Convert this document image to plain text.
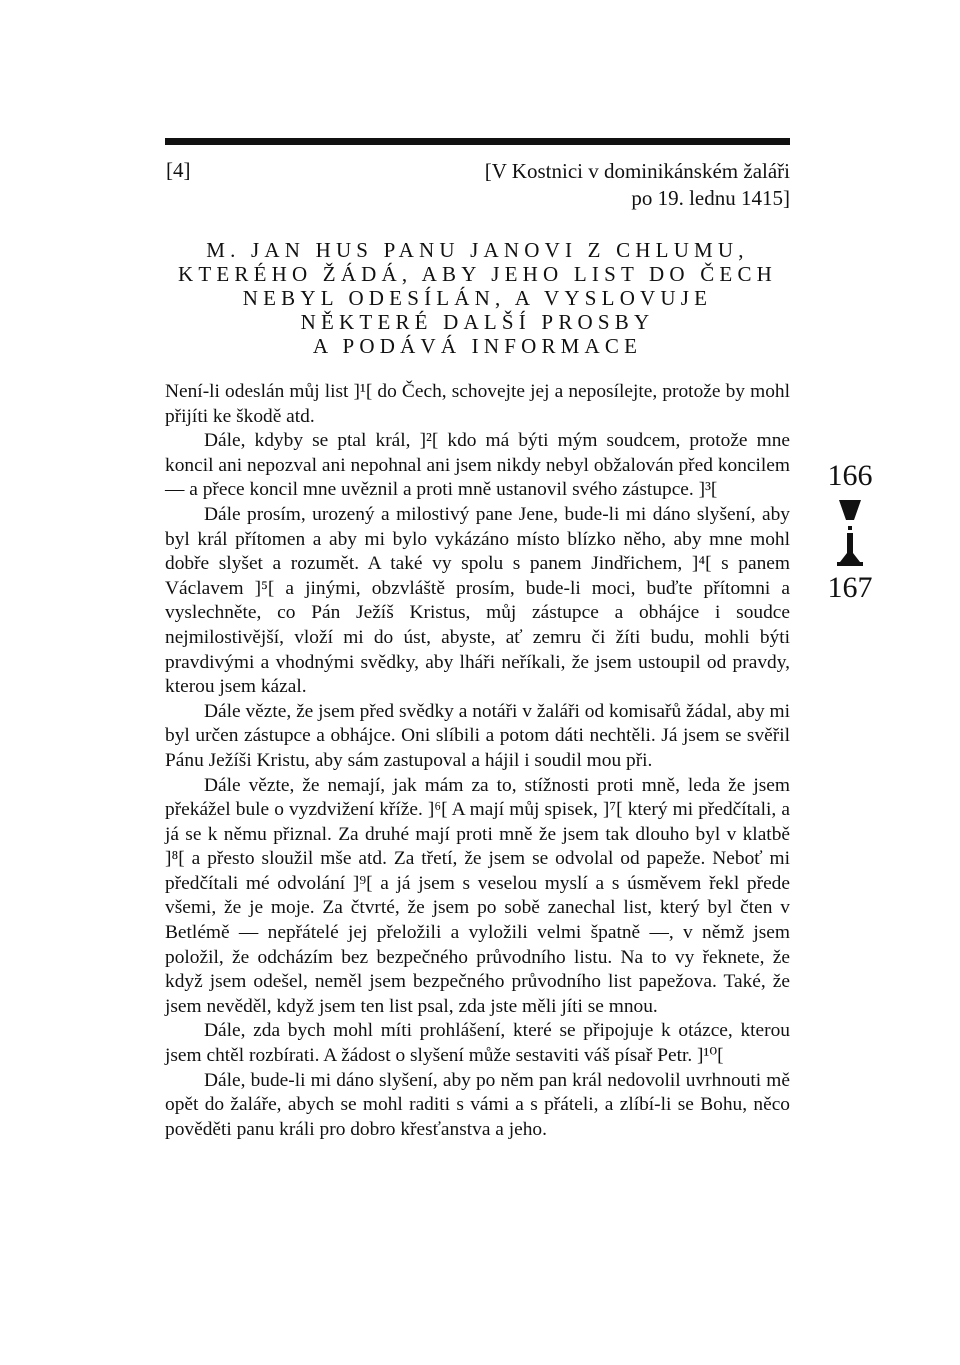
[4]	[V Kostnici v dominikánském žaláři
po 19. lednu 1415]
M. JAN HUS PANU JANOVI Z CHLUMU,
KTERÉHO ŽÁDÁ, ABY JEHO LIST DO ČECH
NEBYL ODESÍLÁN, A VYSLOVUJE
NĚKTERÉ DALŠÍ PROSBY
A PODÁVÁ INFORMACE

Není-li odeslán můj list ]¹[ do Čech, schovejte jej a neposílejte, protože by mohl přijíti ke škodě atd.

Dále, kdyby se ptal král, ]²[ kdo má býti mým soudcem, protože mne koncil ani nepozval ani nepohnal ani jsem nikdy nebyl obžalován před koncilem — a přece koncil mne uvěznil a proti mně ustanovil svého zástupce. ]³[

Dále prosím, urozený a milostivý pane Jene, bude-li mi dáno slyšení, aby byl král přítomen a aby mi bylo vykázáno místo blízko něho, aby mne mohl dobře slyšet a rozumět. A také vy spolu s panem Jindřichem, ]⁴[ s panem Václavem ]⁵[ a jinými, obzvláště prosím, bude-li moci, buďte přítomni a vyslechněte, co Pán Ježíš Kristus, můj zástupce a obhájce i soudce nejmilostivější, vloží mi do úst, abyste, ať zemru či žíti budu, mohli býti pravdivými a vhodnými svědky, aby lháři neříkali, že jsem ustoupil od pravdy, kterou jsem kázal.

Dále vězte, že jsem před svědky a notáři v žaláři od komisařů žádal, aby mi byl určen zástupce a obhájce. Oni slíbili a potom dáti nechtěli. Já jsem se svěřil Pánu Ježíši Kristu, aby sám zastupoval a hájil i soudil mou při.

Dále vězte, že nemají, jak mám za to, stížnosti proti mně, leda že jsem překážel bule o vyzdvižení kříže. ]⁶[ A mají můj spisek, ]⁷[ který mi předčítali, a já se k němu přiznal. Za druhé mají proti mně že jsem tak dlouho byl v klatbě ]⁸[ a přesto sloužil mše atd. Za třetí, že jsem se odvolal od papeže. Neboť mi předčítali mé odvolání ]⁹[ a já jsem s veselou myslí a s úsměvem řekl přede všemi, že je moje. Za čtvrté, že jsem po sobě zanechal list, který byl čten v Betlémě — nepřátelé jej přeložili a vyložili velmi špatně —, v němž jsem položil, že odcházím bez bezpečného průvodního listu. Na to vy řeknete, že když jsem odešel, neměl jsem bezpečného průvodního list papežova. Také, že jsem nevěděl, když jsem ten list psal, zda jste měli jíti se mnou.

Dále, zda bych mohl míti prohlášení, které se připojuje k otázce, kterou jsem chtěl rozbírati. A žádost o slyšení může sestaviti váš písař Petr. ]¹⁰[

Dále, bude-li mi dáno slyšení, aby po něm pan král nedovolil uvrhnouti mě opět do žaláře, abych se mohl raditi s vámi a s přáteli, a zlíbí-li se Bohu, něco pověděti panu králi pro dobro křesťanstva a jeho.

166
167
